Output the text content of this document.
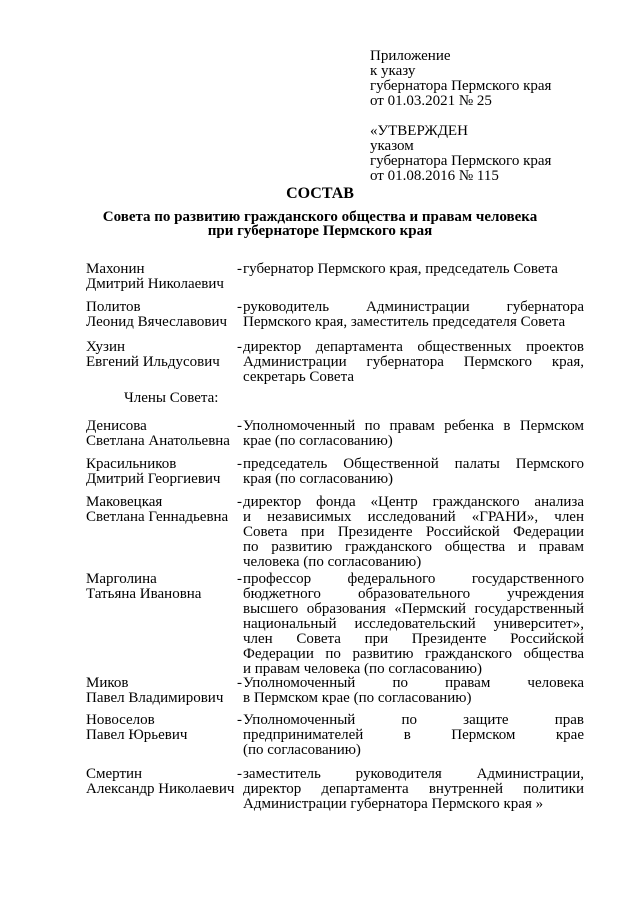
Приложение
к указу
губернатора Пермского края
от 01.03.2021 № 25
«УТВЕРЖДЕН
указом
губернатора Пермского края
от 01.08.2016 № 115
СОСТАВ
Совета по развитию гражданского общества и правам человека
при губернаторе Пермского края
Махонин
Дмитрий Николаевич
- губернатор Пермского края, председатель Совета
Политов
Леонид Вячеславович
- руководитель Администрации губернатора
Пермского края, заместитель председателя Совета
Хузин
Евгений Ильдусович
- директор департамента общественных проектов
Администрации губернатора Пермского края,
секретарь Совета
Члены Совета:
Денисова
Светлана Анатольевна
- Уполномоченный по правам ребенка в Пермском
крае (по согласованию)
Красильников
Дмитрий Георгиевич
- председатель Общественной палаты Пермского
края (по согласованию)
Маковецкая
Светлана Геннадьевна
- директор фонда «Центр гражданского анализа
и независимых исследований «ГРАНИ», член
Совета при Президенте Российской Федерации
по развитию гражданского общества и правам
человека (по согласованию)
Марголина
Татьяна Ивановна
- профессор федерального государственного
бюджетного образовательного учреждения
высшего образования «Пермский государственный
национальный исследовательский университет»,
член Совета при Президенте Российской
Федерации по развитию гражданского общества
и правам человека (по согласованию)
Миков
Павел Владимирович
- Уполномоченный по правам человека
в Пермском крае (по согласованию)
Новоселов
Павел Юрьевич
- Уполномоченный по защите прав
предпринимателей в Пермском крае
(по согласованию)
Смертин
Александр Николаевич
- заместитель руководителя Администрации,
директор департамента внутренней политики
Администрации губернатора Пермского края »
